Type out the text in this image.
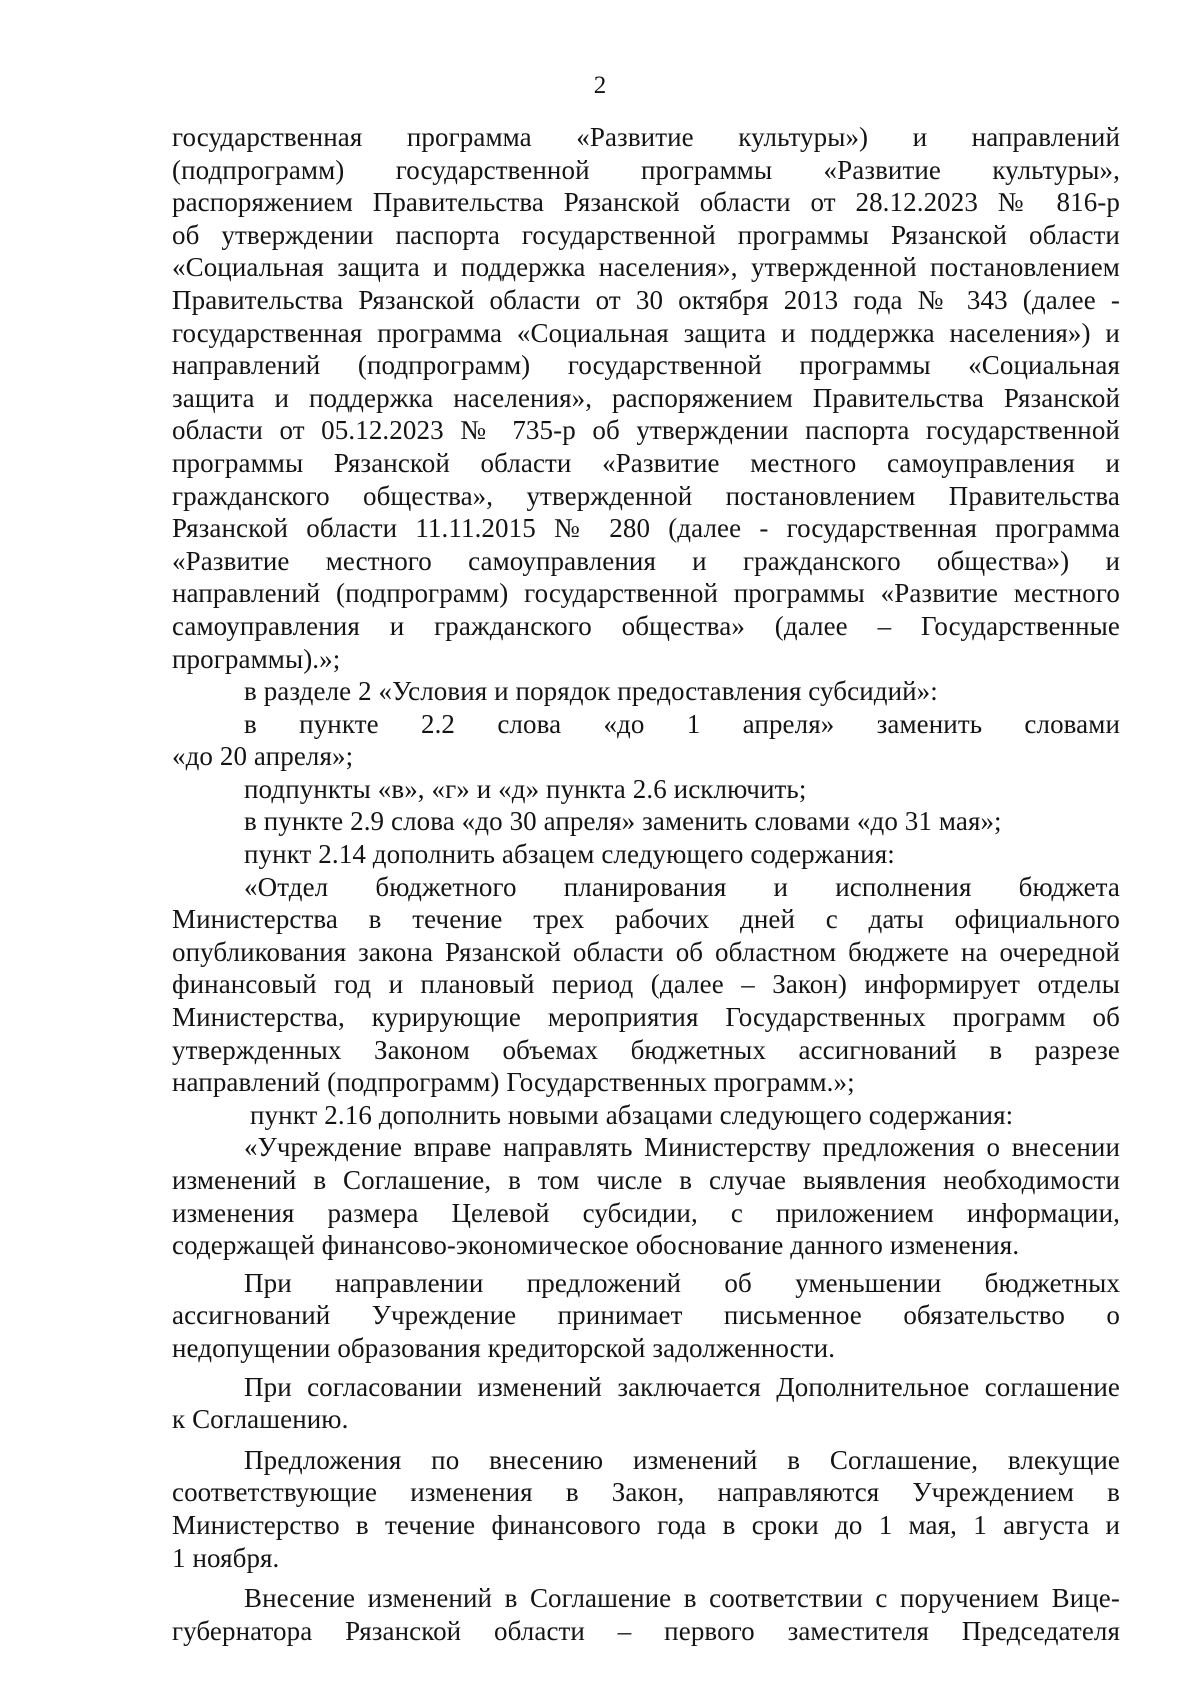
2
государственная программа «Развитие культуры») и направлений
(подпрограмм) государственной программы «Развитие культуры»,
распоряжением Правительства Рязанской области от 28.12.2023 № 816-р
об утверждении паспорта государственной программы Рязанской области
«Социальная защита и поддержка населения», утвержденной постановлением
Правительства Рязанской области от 30 октября 2013 года № 343 (далее -
государственная программа «Социальная защита и поддержка населения») и
направлений (подпрограмм) государственной программы «Социальная
защита и поддержка населения», распоряжением Правительства Рязанской
области от 05.12.2023 № 735-р об утверждении паспорта государственной
программы Рязанской области «Развитие местного самоуправления и
гражданского общества», утвержденной постановлением Правительства
Рязанской области 11.11.2015 № 280 (далее - государственная программа
«Развитие местного самоуправления и гражданского общества») и
направлений (подпрограмм) государственной программы «Развитие местного
самоуправления и гражданского общества» (далее – Государственные
программы).»;
в разделе 2 «Условия и порядок предоставления субсидий»:
в пункте 2.2 слова «до 1 апреля» заменить словами
«до 20 апреля»;
подпункты «в», «г» и «д» пункта 2.6 исключить;
в пункте 2.9 слова «до 30 апреля» заменить словами «до 31 мая»;
пункт 2.14 дополнить абзацем следующего содержания:
«Отдел бюджетного планирования и исполнения бюджета
Министерства в течение трех рабочих дней с даты официального
опубликования закона Рязанской области об областном бюджете на очередной
финансовый год и плановый период (далее – Закон) информирует отделы
Министерства, курирующие мероприятия Государственных программ об
утвержденных Законом объемах бюджетных ассигнований в разрезе
направлений (подпрограмм) Государственных программ.»;
пункт 2.16 дополнить новыми абзацами следующего содержания:
«Учреждение вправе направлять Министерству предложения о внесении
изменений в Соглашение, в том числе в случае выявления необходимости
изменения размера Целевой субсидии, с приложением информации,
содержащей финансово-экономическое обоснование данного изменения.
При направлении предложений об уменьшении бюджетных
ассигнований Учреждение принимает письменное обязательство о
недопущении образования кредиторской задолженности.
При согласовании изменений заключается Дополнительное соглашение
к Соглашению.
Предложения по внесению изменений в Соглашение, влекущие
соответствующие изменения в Закон, направляются Учреждением в
Министерство в течение финансового года в сроки до 1 мая, 1 августа и
1 ноября.
Внесение изменений в Соглашение в соответствии с поручением Вице-
губернатора Рязанской области – первого заместителя Председателя
